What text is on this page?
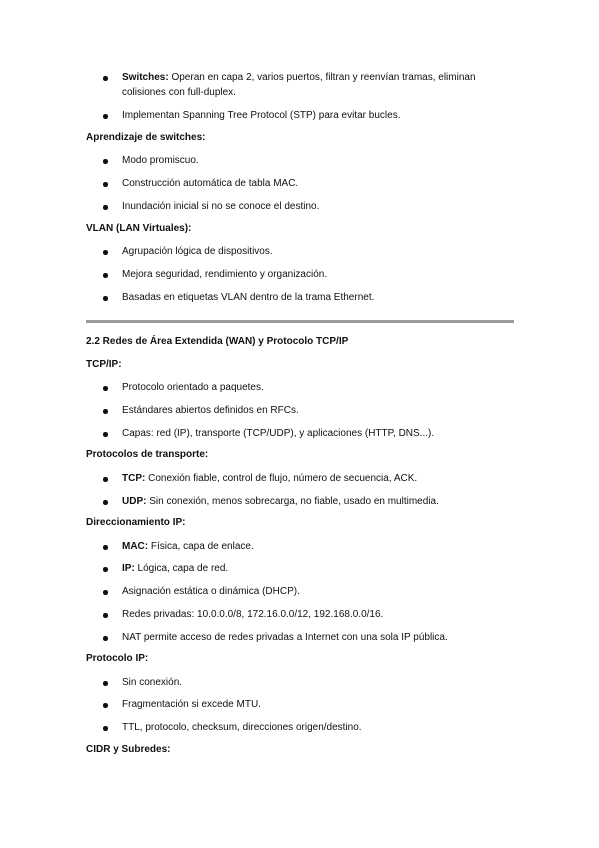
Switches: Operan en capa 2, varios puertos, filtran y reenvían tramas, eliminan colisiones con full-duplex.
Implementan Spanning Tree Protocol (STP) para evitar bucles.
Aprendizaje de switches:
Modo promiscuo.
Construcción automática de tabla MAC.
Inundación inicial si no se conoce el destino.
VLAN (LAN Virtuales):
Agrupación lógica de dispositivos.
Mejora seguridad, rendimiento y organización.
Basadas en etiquetas VLAN dentro de la trama Ethernet.
2.2 Redes de Área Extendida (WAN) y Protocolo TCP/IP
TCP/IP:
Protocolo orientado a paquetes.
Estándares abiertos definidos en RFCs.
Capas: red (IP), transporte (TCP/UDP), y aplicaciones (HTTP, DNS...).
Protocolos de transporte:
TCP: Conexión fiable, control de flujo, número de secuencia, ACK.
UDP: Sin conexión, menos sobrecarga, no fiable, usado en multimedia.
Direccionamiento IP:
MAC: Física, capa de enlace.
IP: Lógica, capa de red.
Asignación estática o dinámica (DHCP).
Redes privadas: 10.0.0.0/8, 172.16.0.0/12, 192.168.0.0/16.
NAT permite acceso de redes privadas a Internet con una sola IP pública.
Protocolo IP:
Sin conexión.
Fragmentación si excede MTU.
TTL, protocolo, checksum, direcciones origen/destino.
CIDR y Subredes:
